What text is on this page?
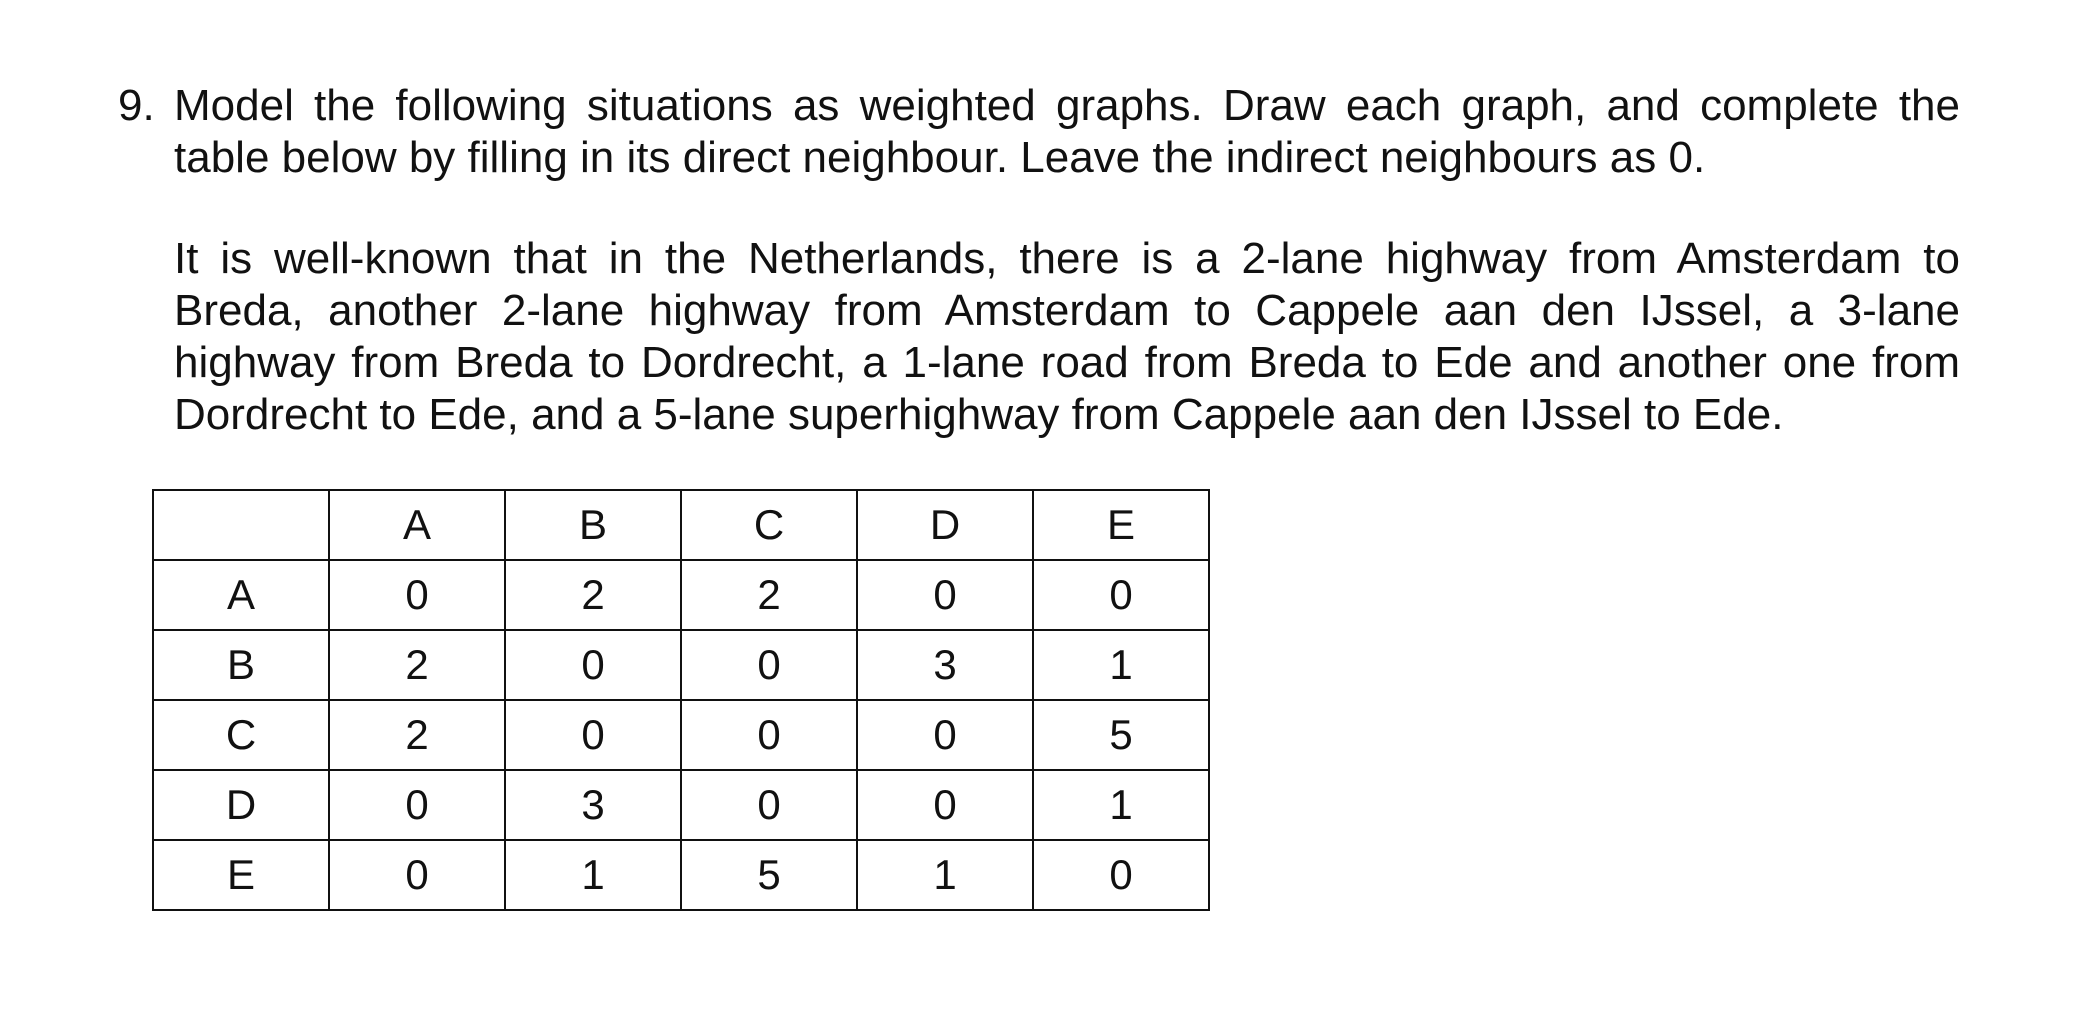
9. Model the following situations as weighted graphs. Draw each graph, and complete the table below by filling in its direct neighbour. Leave the indirect neighbours as 0.
It is well-known that in the Netherlands, there is a 2-lane highway from Amsterdam to Breda, another 2-lane highway from Amsterdam to Cappele aan den IJssel, a 3-lane highway from Breda to Dordrecht, a 1-lane road from Breda to Ede and another one from Dordrecht to Ede, and a 5-lane superhighway from Cappele aan den IJssel to Ede.
	A	B	C	D	E
A	0	2	2	0	0
B	2	0	0	3	1
C	2	0	0	0	5
D	0	3	0	0	1
E	0	1	5	1	0
